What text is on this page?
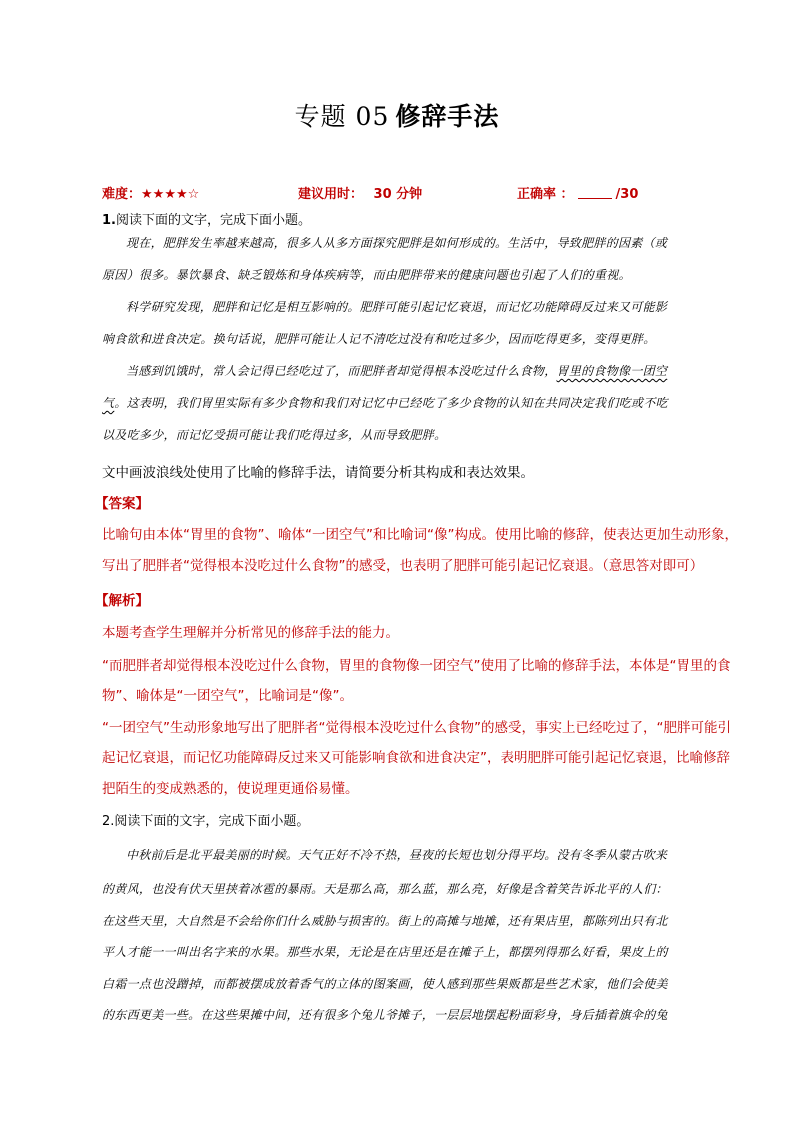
专题 05 修辞手法
难度：★★★★☆	建议用时： 30 分钟	正确率 ：	/30
1.阅读下面的文字，完成下面小题。
现在，肥胖发生率越来越高，很多人从多方面探究肥胖是如何形成的。生活中，导致肥胖的因素（或
原因）很多。暴饮暴食、缺乏锻炼和身体疾病等，而由肥胖带来的健康问题也引起了人们的重视。
科学研究发现，肥胖和记忆是相互影响的。肥胖可能引起记忆衰退，而记忆功能障碍反过来又可能影
响食欲和进食决定。换句话说，肥胖可能让人记不清吃过没有和吃过多少，因而吃得更多，变得更胖。
当感到饥饿时，常人会记得已经吃过了，而肥胖者却觉得根本没吃过什么食物，胃里的食物像一团空
气。这表明，我们胃里实际有多少食物和我们对记忆中已经吃了多少食物的认知在共同决定我们吃或不吃
以及吃多少，而记忆受损可能让我们吃得过多，从而导致肥胖。
文中画波浪线处使用了比喻的修辞手法，请简要分析其构成和表达效果。
【答案】
比喻句由本体“胃里的食物”、喻体“一团空气”和比喻词“像”构成。使用比喻的修辞，使表达更加生动形象，
写出了肥胖者“觉得根本没吃过什么食物”的感受，也表明了肥胖可能引起记忆衰退。（意思答对即可）
【解析】
本题考查学生理解并分析常见的修辞手法的能力。
“而肥胖者却觉得根本没吃过什么食物，胃里的食物像一团空气”使用了比喻的修辞手法，本体是“胃里的食
物”、喻体是“一团空气”，比喻词是“像”。
“一团空气”生动形象地写出了肥胖者“觉得根本没吃过什么食物”的感受，事实上已经吃过了，“肥胖可能引
起记忆衰退，而记忆功能障碍反过来又可能影响食欲和进食决定”，表明肥胖可能引起记忆衰退，比喻修辞
把陌生的变成熟悉的，使说理更通俗易懂。
2.阅读下面的文字，完成下面小题。
中秋前后是北平最美丽的时候。天气正好不冷不热，昼夜的长短也划分得平均。没有冬季从蒙古吹来
的黄风，也没有伏天里挟着冰雹的暴雨。天是那么高，那么蓝，那么亮，好像是含着笑告诉北平的人们：
在这些天里，大自然是不会给你们什么威胁与损害的。街上的高摊与地摊，还有果店里，都陈列出只有北
平人才能一一叫出名字来的水果。那些水果，无论是在店里还是在摊子上，都摆列得那么好看，果皮上的
白霜一点也没蹭掉，而都被摆成放着香气的立体的图案画，使人感到那些果贩都是些艺术家，他们会使美
的东西更美一些。在这些果摊中间，还有很多个兔儿爷摊子，一层层地摆起粉面彩身，身后插着旗伞的兔
